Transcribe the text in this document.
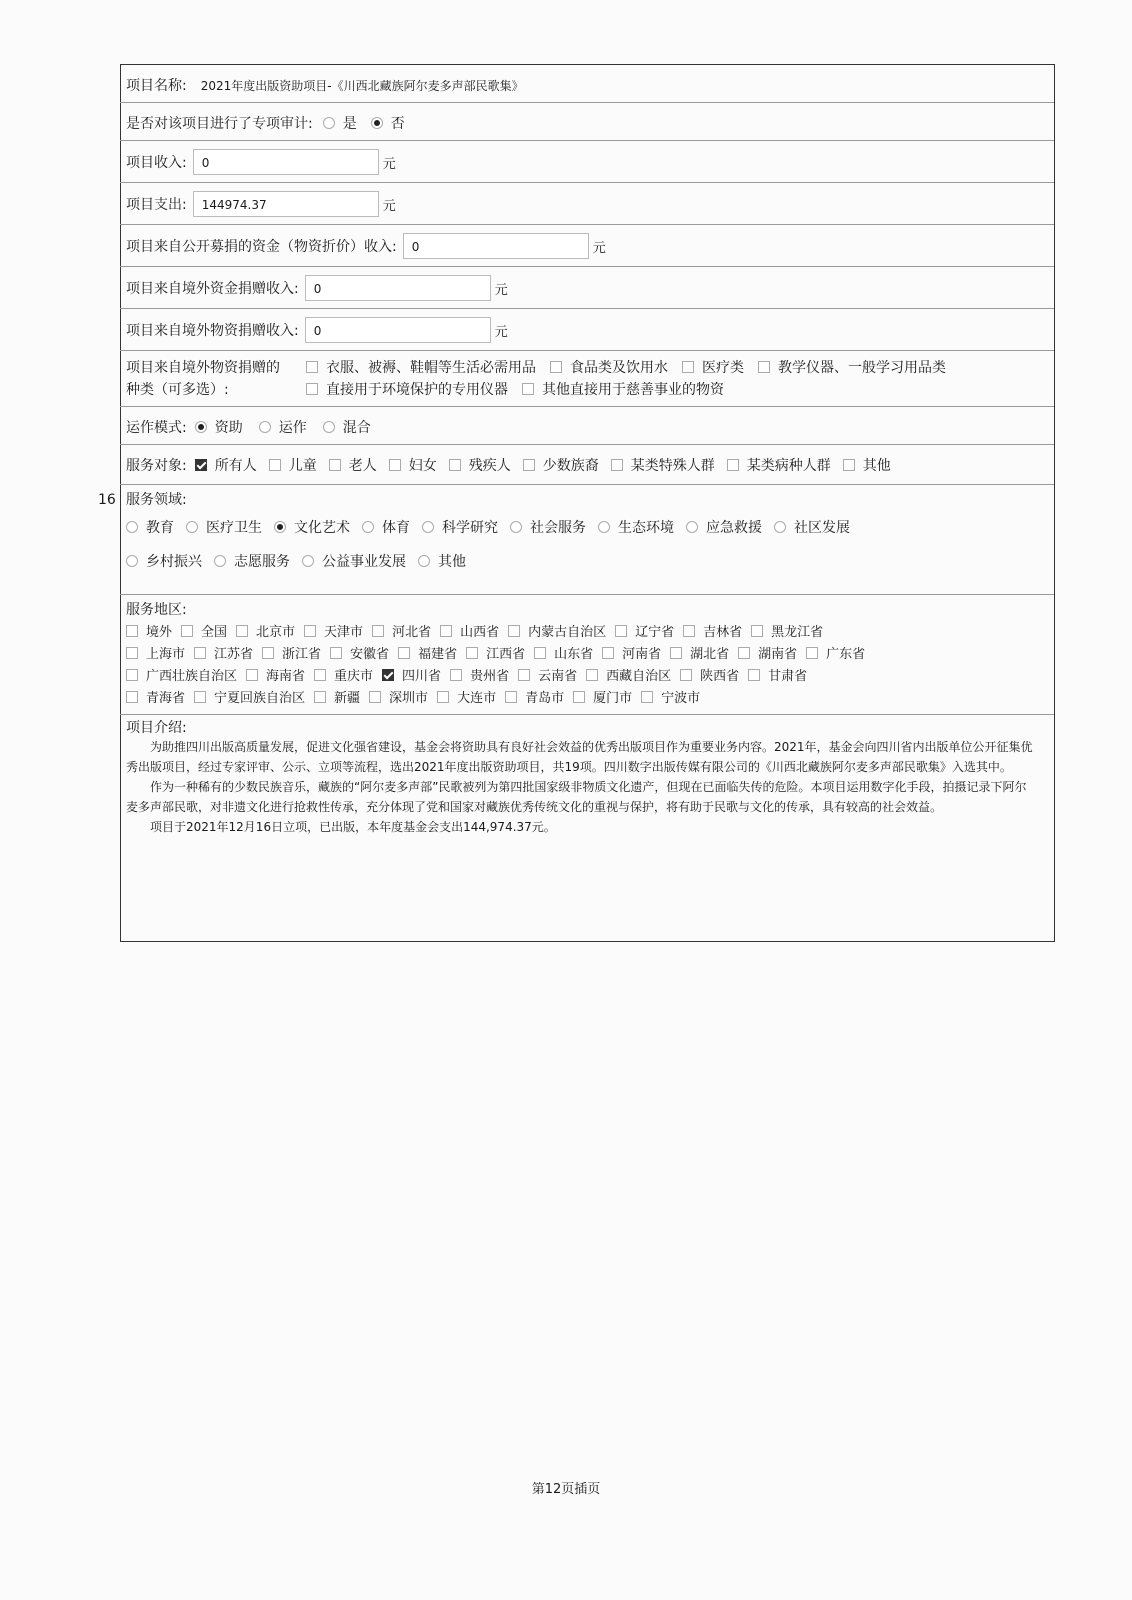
16
项目名称: 2021年度出版资助项目-《川西北藏族阿尔麦多声部民歌集》
是否对该项目进行了专项审计: 是 否
项目收入:	0	元
项目支出:	144974.37	元
项目来自公开募捐的资金（物资折价）收入:	0	元
项目来自境外资金捐赠收入:	0	元
项目来自境外物资捐赠收入:	0	元
项目来自境外物资捐赠的
种类（可多选）:
衣服、被褥、鞋帽等生活必需用品 食品类及饮用水 医疗类 教学仪器、一般学习用品类
直接用于环境保护的专用仪器 其他直接用于慈善事业的物资
运作模式: 资助	运作	混合
服务对象: 所有人 儿童 老人 妇女 残疾人 少数族裔 某类特殊人群 某类病种人群 其他
服务领域:
教育 医疗卫生 文化艺术 体育 科学研究 社会服务 生态环境 应急救援 社区发展
乡村振兴 志愿服务 公益事业发展 其他
服务地区:
境外 全国 北京市 天津市 河北省 山西省 内蒙古自治区 辽宁省 吉林省 黑龙江省
上海市 江苏省 浙江省 安徽省 福建省 江西省 山东省 河南省 湖北省 湖南省 广东省
广西壮族自治区 海南省 重庆市 四川省 贵州省 云南省 西藏自治区 陕西省 甘肃省
青海省 宁夏回族自治区 新疆 深圳市 大连市 青岛市 厦门市 宁波市
项目介绍:

为助推四川出版高质量发展，促进文化强省建设，基金会将资助具有良好社会效益的优秀出版项目作为重要业务内容。2021年，基金会向四川省内出版单位公开征集优秀出版项目，经过专家评审、公示、立项等流程，选出2021年度出版资助项目，共19项。四川数字出版传媒有限公司的《川西北藏族阿尔麦多声部民歌集》入选其中。

作为一种稀有的少数民族音乐，藏族的“阿尔麦多声部”民歌被列为第四批国家级非物质文化遗产，但现在已面临失传的危险。本项目运用数字化手段，拍摄记录下阿尔麦多声部民歌，对非遗文化进行抢救性传承，充分体现了党和国家对藏族优秀传统文化的重视与保护，将有助于民歌与文化的传承，具有较高的社会效益。

项目于2021年12月16日立项，已出版，本年度基金会支出144,974.37元。

第12页插页
